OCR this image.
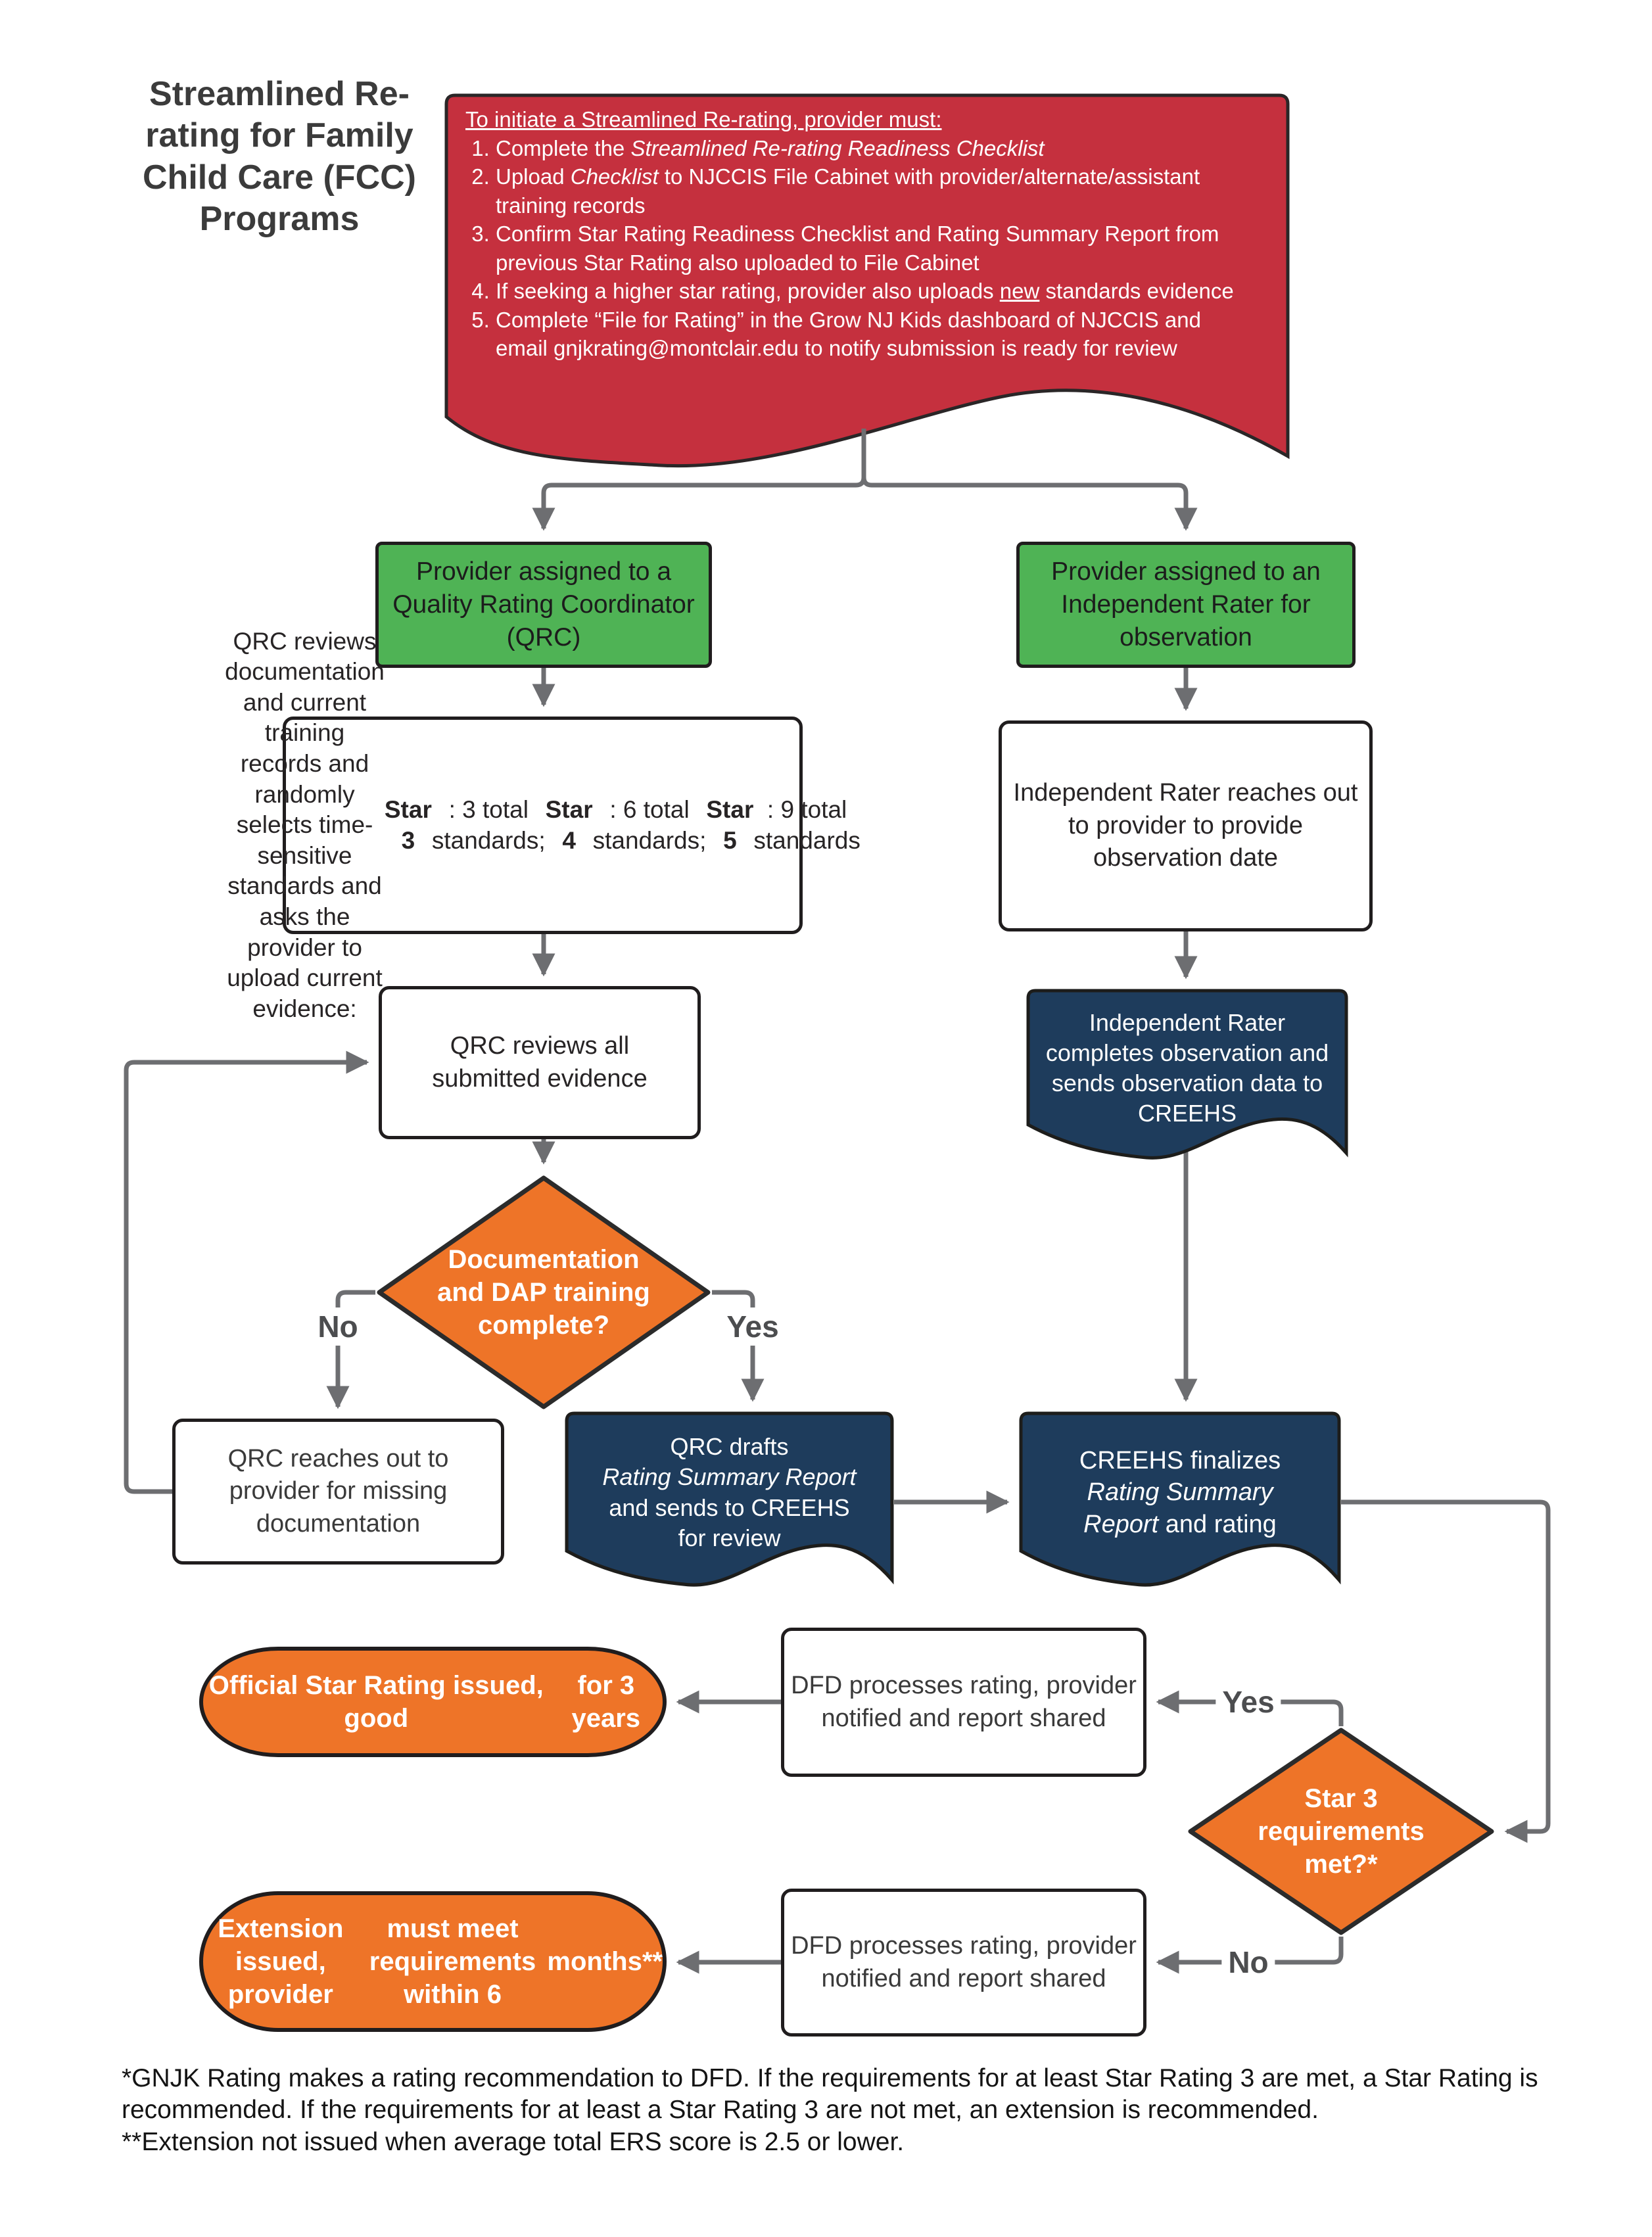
Streamlined Re-rating for Family Child Care (FCC) Programs
To initiate a Streamlined Re-rating, provider must:
1. Complete the Streamlined Re-rating Readiness Checklist
2. Upload Checklist to NJCCIS File Cabinet with provider/alternate/assistant training records
3. Confirm Star Rating Readiness Checklist and Rating Summary Report from previous Star Rating also uploaded to File Cabinet
4. If seeking a higher star rating, provider also uploads new standards evidence
5. Complete “File for Rating” in the Grow NJ Kids dashboard of NJCCIS and email gnjkrating@montclair.edu to notify submission is ready for review
Provider assigned to a Quality Rating Coordinator (QRC)
Provider assigned to an Independent Rater for observation
QRC reviews documentation and current training records and randomly selects time-sensitive standards and asks the provider to upload current evidence:

Star 3
: 3 total standards;
Star 4
: 6 total standards;
Star 5
: 9 total standards
Independent Rater reaches out to provider to provide observation date
QRC reviews all submitted evidence
Independent Rater completes observation and sends observation data to CREEHS
Documentation and DAP training complete?
No	Yes
QRC reaches out to provider for missing documentation
QRC drafts
Rating Summary Report
and sends to CREEHS
for review
CREEHS finalizes
Rating Summary
Report and rating
Star 3 requirements met?*
Yes
No
DFD processes rating, provider notified and report shared
DFD processes rating, provider notified and report shared
Official Star Rating issued, good

for 3 years
Extension issued, provider

must meet requirements within 6

months**
*GNJK Rating makes a rating recommendation to DFD. If the requirements for at least Star Rating 3 are met, a Star Rating is recommended. If the requirements for at least a Star Rating 3 are not met, an extension is recommended.
**Extension not issued when average total ERS score is 2.5 or lower.
